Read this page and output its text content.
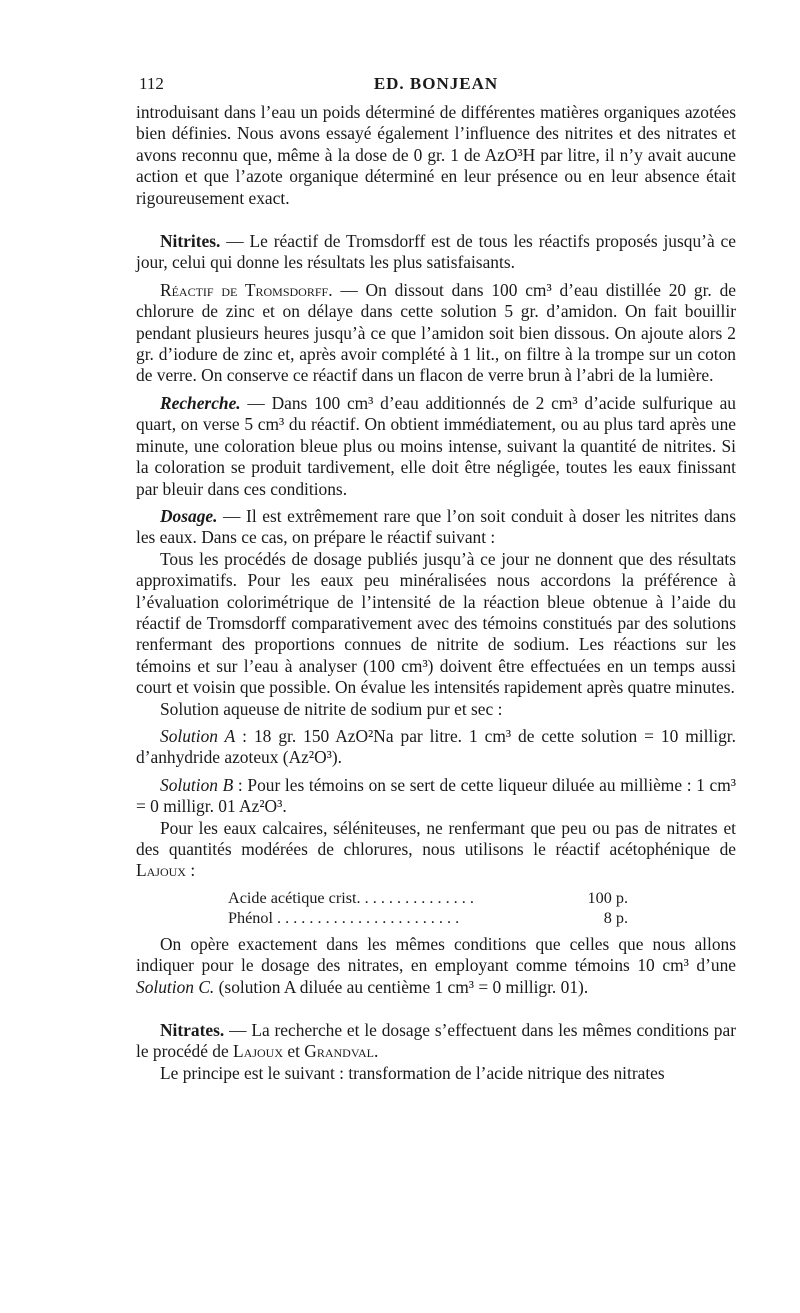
112	ED. BONJEAN

introduisant dans l’eau un poids déterminé de différentes matières organiques azotées bien définies. Nous avons essayé également l’influence des nitrites et des nitrates et avons reconnu que, même à la dose de 0 gr. 1 de AzO³H par litre, il n’y avait aucune action et que l’azote organique déterminé en leur présence ou en leur absence était rigoureusement exact.

Nitrites. — Le réactif de Tromsdorff est de tous les réactifs proposés jusqu’à ce jour, celui qui donne les résultats les plus satisfaisants.

Réactif de Tromsdorff. — On dissout dans 100 cm³ d’eau distillée 20 gr. de chlorure de zinc et on délaye dans cette solution 5 gr. d’amidon. On fait bouillir pendant plusieurs heures jusqu’à ce que l’amidon soit bien dissous. On ajoute alors 2 gr. d’iodure de zinc et, après avoir complété à 1 lit., on filtre à la trompe sur un coton de verre. On conserve ce réactif dans un flacon de verre brun à l’abri de la lumière.

Recherche. — Dans 100 cm³ d’eau additionnés de 2 cm³ d’acide sulfurique au quart, on verse 5 cm³ du réactif. On obtient immédiatement, ou au plus tard après une minute, une coloration bleue plus ou moins intense, suivant la quantité de nitrites. Si la coloration se produit tardivement, elle doit être négligée, toutes les eaux finissant par bleuir dans ces conditions.

Dosage. — Il est extrêmement rare que l’on soit conduit à doser les nitrites dans les eaux. Dans ce cas, on prépare le réactif suivant :

Tous les procédés de dosage publiés jusqu’à ce jour ne donnent que des résultats approximatifs. Pour les eaux peu minéralisées nous accordons la préférence à l’évaluation colorimétrique de l’intensité de la réaction bleue obtenue à l’aide du réactif de Tromsdorff comparativement avec des témoins constitués par des solutions renfermant des proportions connues de nitrite de sodium. Les réactions sur les témoins et sur l’eau à analyser (100 cm³) doivent être effectuées en un temps aussi court et voisin que possible. On évalue les intensités rapidement après quatre minutes.

Solution aqueuse de nitrite de sodium pur et sec :

Solution A : 18 gr. 150 AzO²Na par litre. 1 cm³ de cette solution = 10 milligr. d’anhydride azoteux (Az²O³).

Solution B : Pour les témoins on se sert de cette liqueur diluée au millième : 1 cm³ = 0 milligr. 01 Az²O³.

Pour les eaux calcaires, séléniteuses, ne renfermant que peu ou pas de nitrates et des quantités modérées de chlorures, nous utilisons le réactif acétophénique de Lajoux :

Acide acétique crist. . . . . . . . . . . . . . .	100 p.
Phénol . . . . . . . . . . . . . . . . . . . . . . .	8 p.

On opère exactement dans les mêmes conditions que celles que nous allons indiquer pour le dosage des nitrates, en employant comme témoins 10 cm³ d’une Solution C. (solution A diluée au centième 1 cm³ = 0 milligr. 01).

Nitrates. — La recherche et le dosage s’effectuent dans les mêmes conditions par le procédé de Lajoux et Grandval.

Le principe est le suivant : transformation de l’acide nitrique des nitrates
